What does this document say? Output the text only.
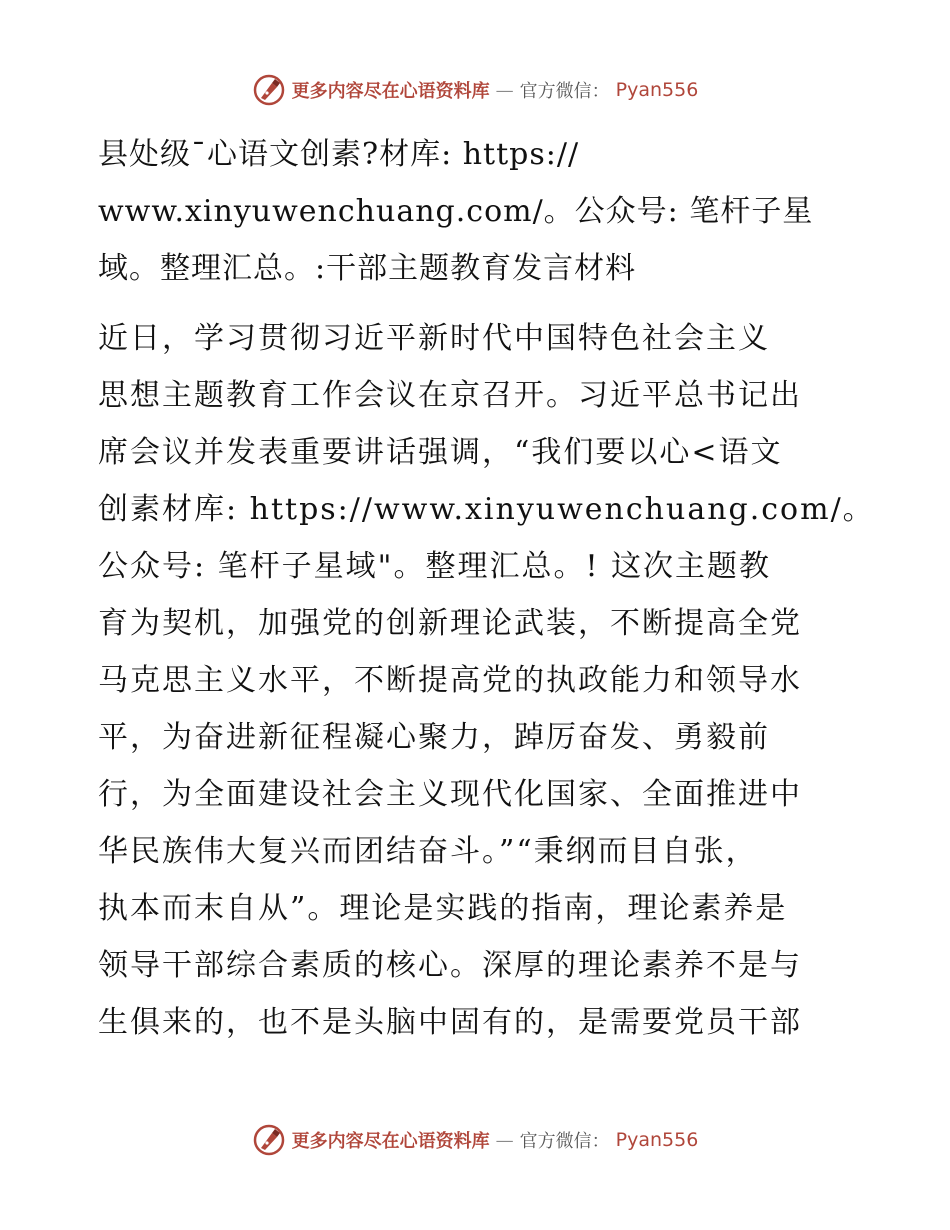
更多内容尽在心语资料库 — 官方微信： Pyan556
县处级¯心语文创素?材库: https://
www.xinyuwenchuang.com/。公众号: 笔杆子星
域。整理汇总。:干部主题教育发言材料

近日，学习贯彻习近平新时代中国特色社会主义
思想主题教育工作会议在京召开。习近平总书记出
席会议并发表重要讲话强调，“我们要以心<语文
创素材库: https://www.xinyuwenchuang.com/。
公众号: 笔杆子星域"。整理汇总。! 这次主题教
育为契机，加强党的创新理论武装，不断提高全党
马克思主义水平，不断提高党的执政能力和领导水
平，为奋进新征程凝心聚力，踔厉奋发、勇毅前
行，为全面建设社会主义现代化国家、全面推进中
华民族伟大复兴而团结奋斗。”“秉纲而目自张，
执本而末自从”。理论是实践的指南，理论素养是
领导干部综合素质的核心。深厚的理论素养不是与
生俱来的，也不是头脑中固有的，是需要党员干部

更多内容尽在心语资料库 — 官方微信： Pyan556
